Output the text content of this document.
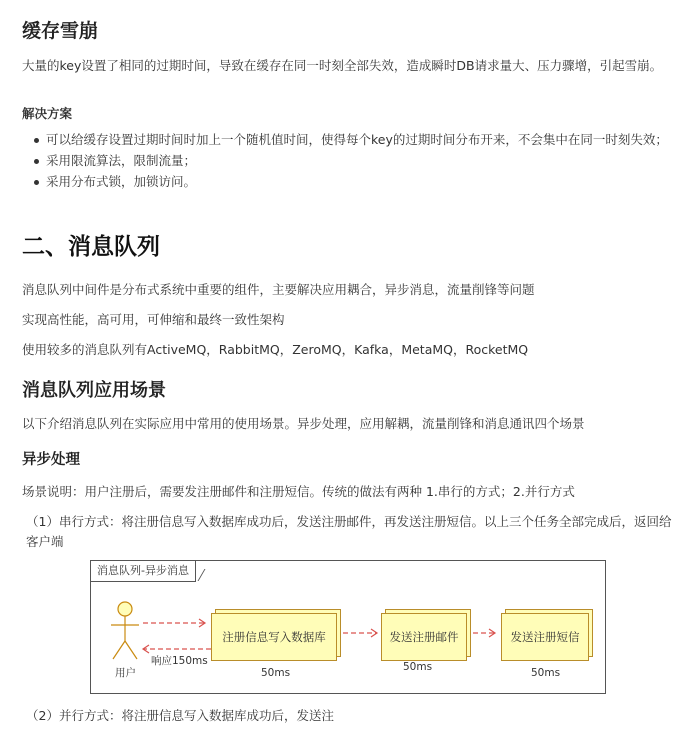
缓存雪崩
大量的key设置了相同的过期时间，导致在缓存在同一时刻全部失效，造成瞬时DB请求量大、压力骤增，引起雪崩。
解决方案
可以给缓存设置过期时间时加上一个随机值时间，使得每个key的过期时间分布开来，不会集中在同一时刻失效；
采用限流算法，限制流量；
采用分布式锁，加锁访问。
二、消息队列
消息队列中间件是分布式系统中重要的组件，主要解决应用耦合，异步消息，流量削锋等问题
实现高性能，高可用，可伸缩和最终一致性架构
使用较多的消息队列有ActiveMQ，RabbitMQ，ZeroMQ，Kafka，MetaMQ，RocketMQ
消息队列应用场景
以下介绍消息队列在实际应用中常用的使用场景。异步处理，应用解耦，流量削锋和消息通讯四个场景
异步处理
场景说明：用户注册后，需要发注册邮件和注册短信。传统的做法有两种 1.串行的方式；2.并行方式
（1）串行方式：将注册信息写入数据库成功后，发送注册邮件，再发送注册短信。以上三个任务全部完成后，返回给客户端
消息队列-异步消息
用户
响应150ms
注册信息写入数据库
50ms
发送注册邮件
50ms
发送注册短信
50ms
（2）并行方式：将注册信息写入数据库成功后，发送注
